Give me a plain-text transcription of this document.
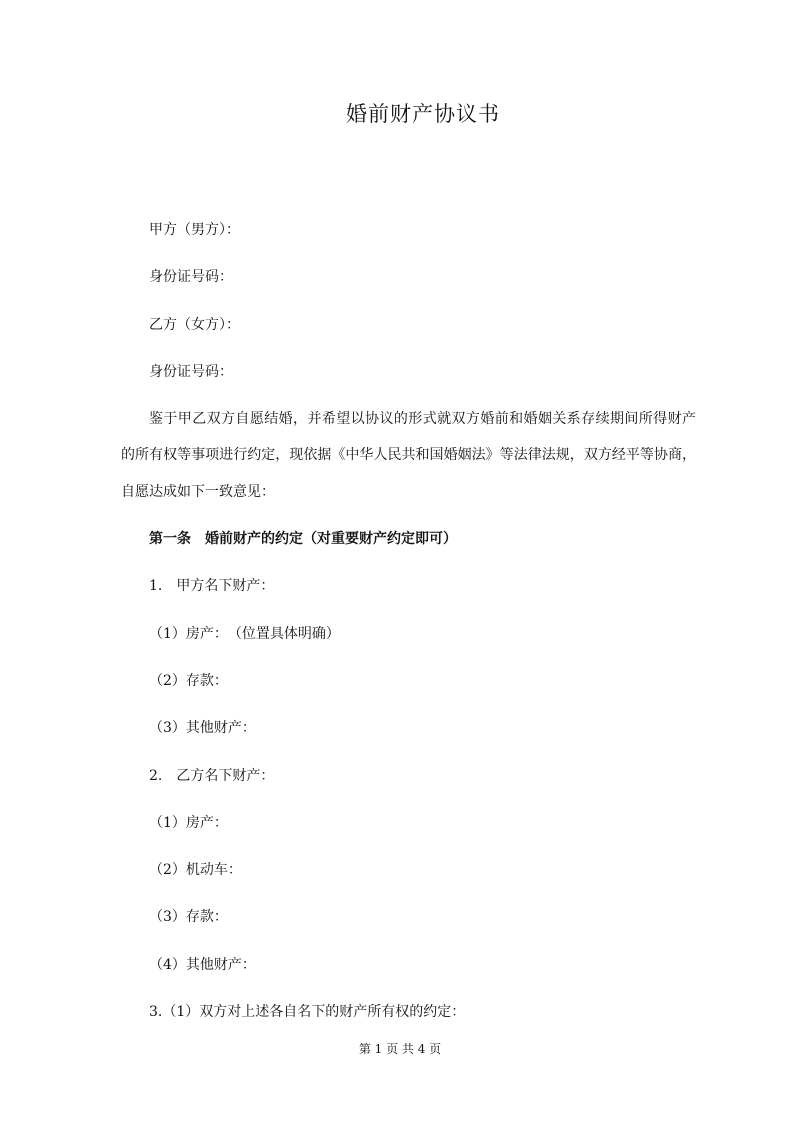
婚前财产协议书

甲方（男方）：

身份证号码：

乙方（女方）：

身份证号码：

鉴于甲乙双方自愿结婚，并希望以协议的形式就双方婚前和婚姻关系存续期间所得财产
的所有权等事项进行约定，现依据《中华人民共和国婚姻法》等法律法规，双方经平等协商，
自愿达成如下一致意见：

第一条　婚前财产的约定（对重要财产约定即可）

1.　甲方名下财产：

（1）房产：　（位置具体明确）

（2）存款：

（3）其他财产：

2.　乙方名下财产：

（1）房产：

（2）机动车：

（3）存款：

（4）其他财产：

3.（1）双方对上述各自名下的财产所有权的约定：

第 1 页 共 4 页
